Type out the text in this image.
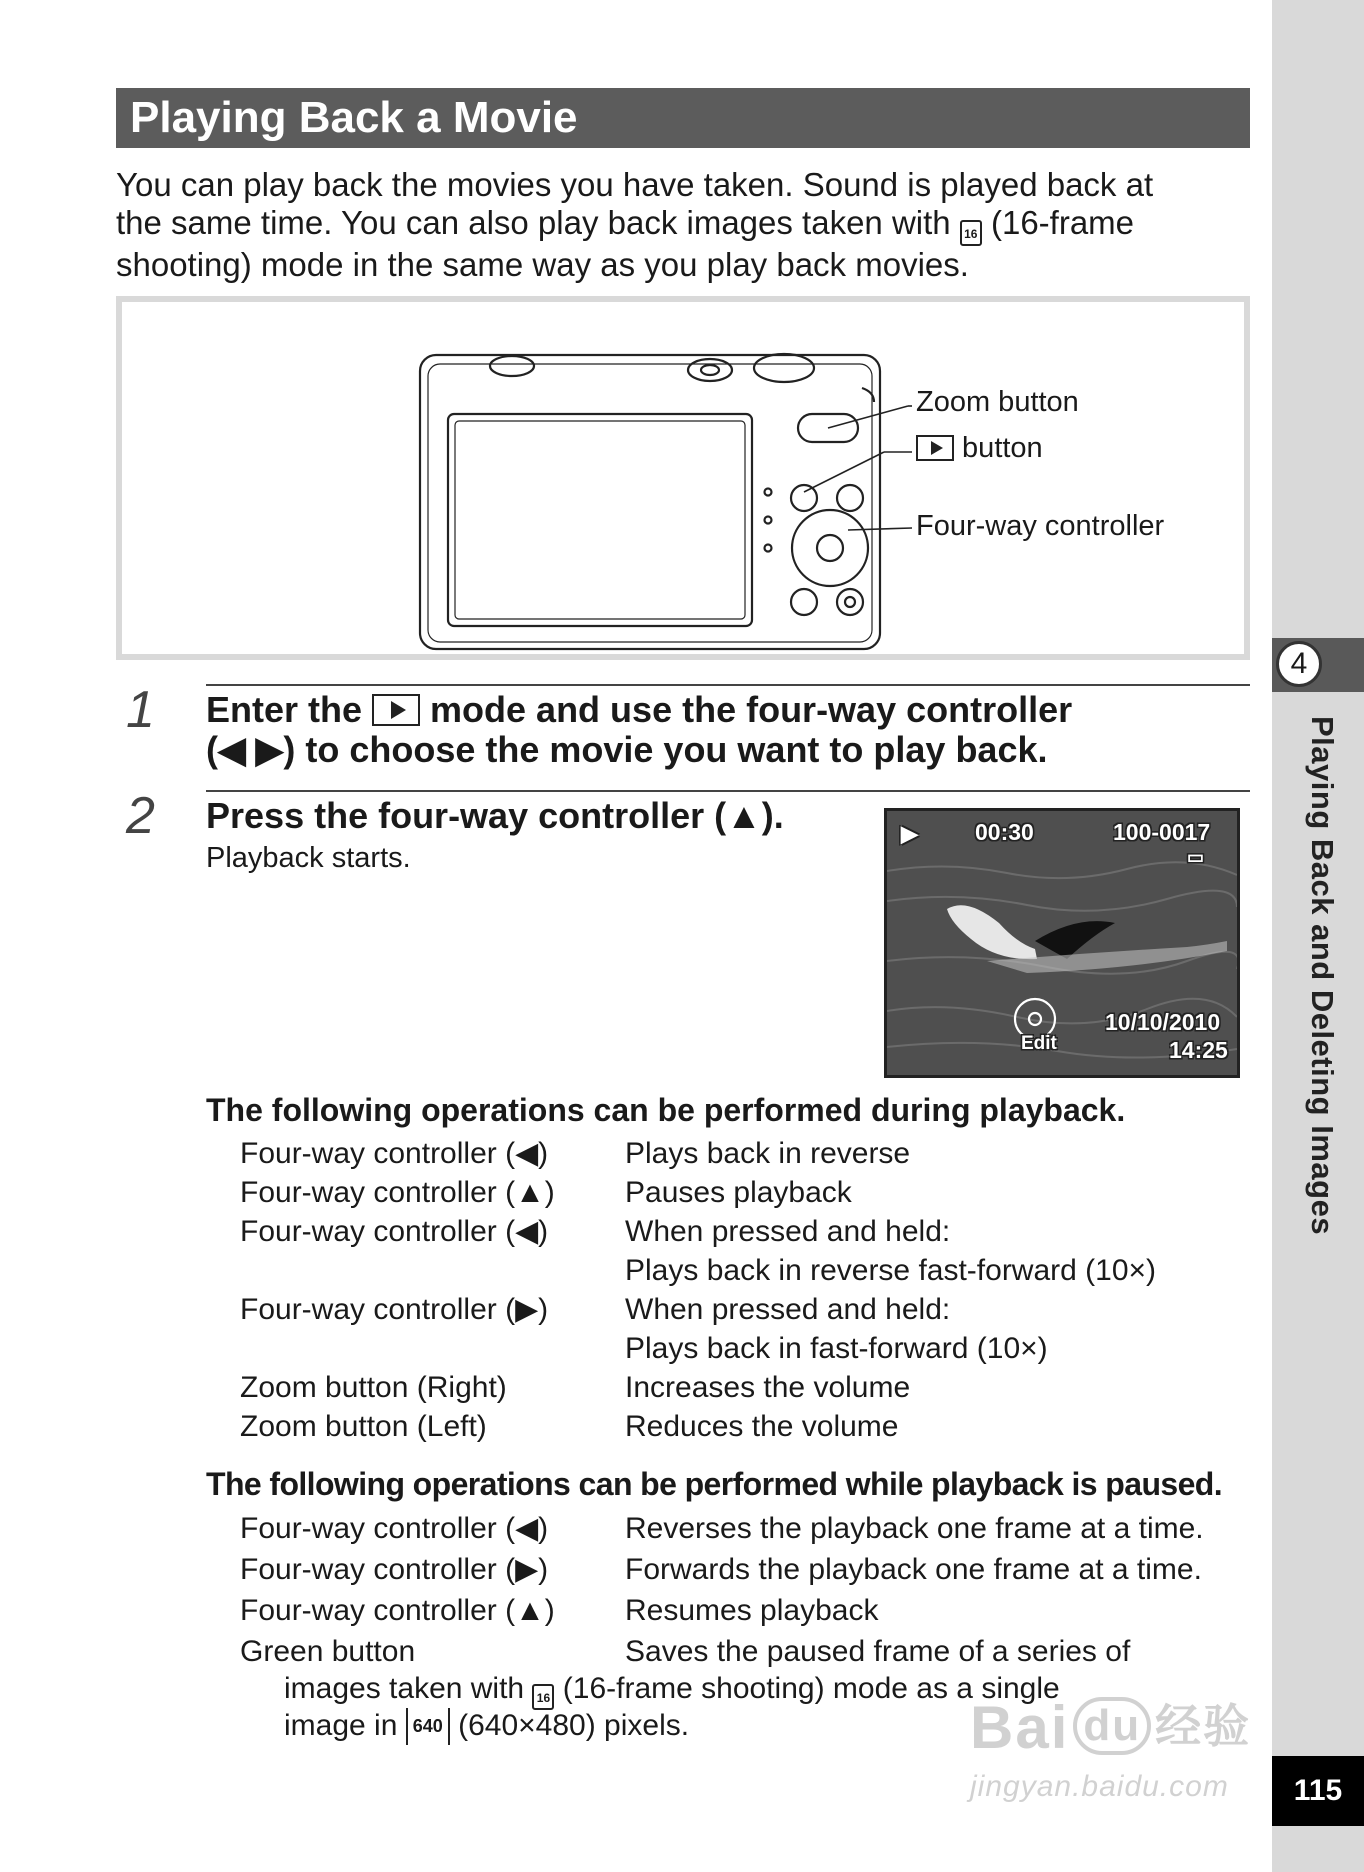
4
Playing Back and Deleting Images
115
Playing Back a Movie
You can play back the movies you have taken. Sound is played back at
the same time. You can also play back images taken with 16 (16-frame
shooting) mode in the same way as you play back movies.
Zoom button
button
Four-way controller
1 Enter the  mode and use the four-way controller
(◀ ▶) to choose the movie you want to play back.
2 Press the four-way controller (▲).
Playback starts.
▶ 00:30	100-0017
▭
Edit
10/10/2010
14:25
The following operations can be performed during playback.
Four-way controller (◀)	Plays back in reverse
Four-way controller (▲)	Pauses playback
Four-way controller (◀)	When pressed and held:
Plays back in reverse fast-forward (10×)
Four-way controller (▶)	When pressed and held:
Plays back in fast-forward (10×)
Zoom button (Right)	Increases the volume
Zoom button (Left)	Reduces the volume
The following operations can be performed while playback is paused.
Four-way controller (◀)	Reverses the playback one frame at a time.
Four-way controller (▶)	Forwards the playback one frame at a time.
Four-way controller (▲)	Resumes playback
Green button	Saves the paused frame of a series of
images taken with 16 (16-frame shooting) mode as a single
image in 640 (640×480) pixels.	Bai du 经验
jingyan.baidu.com
